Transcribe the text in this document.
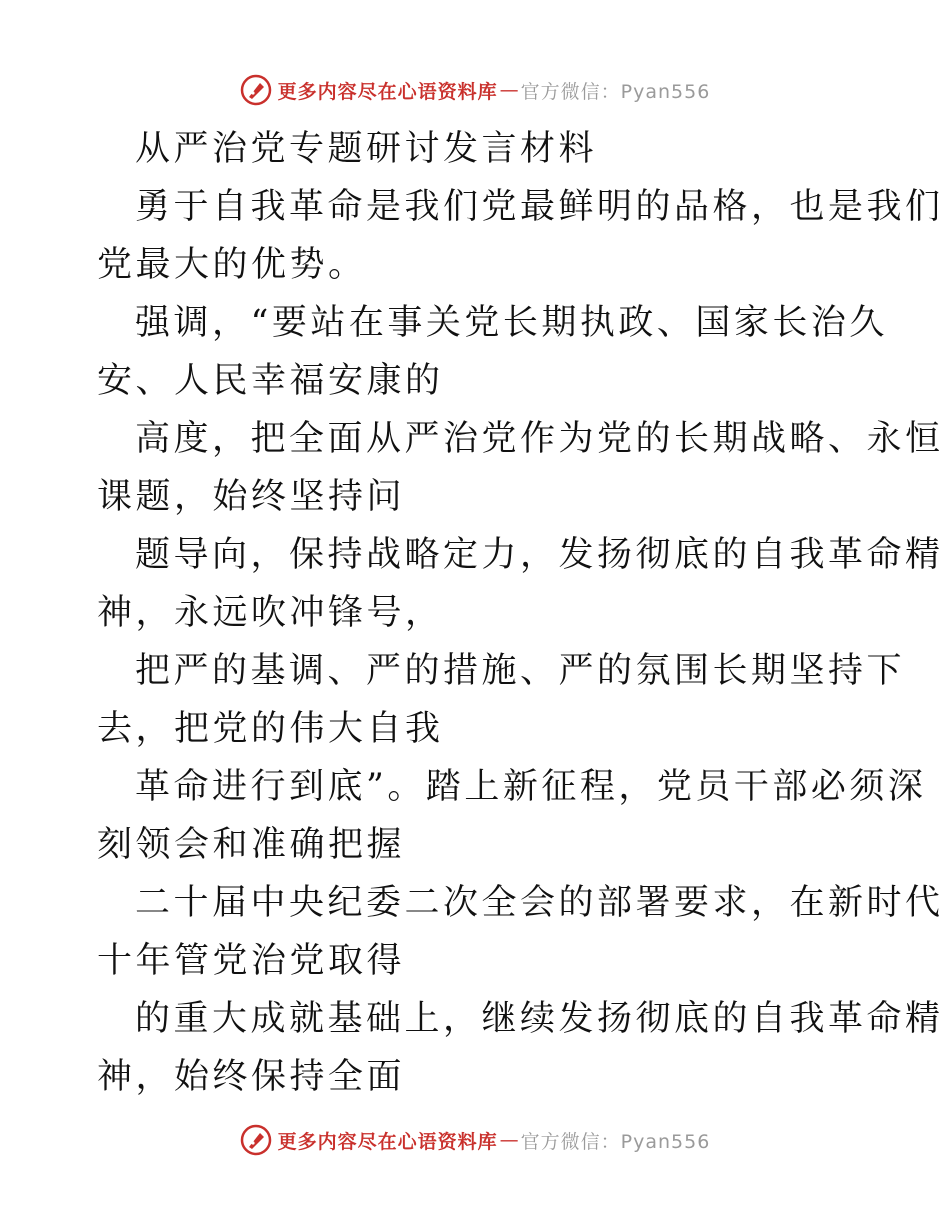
更多内容尽在心语资料库 — 官方微信：Pyan556
从严治党专题研讨发言材料
勇于自我革命是我们党最鲜明的品格，也是我们
党最大的优势。
强调，“要站在事关党长期执政、国家长治久
安、人民幸福安康的
高度，把全面从严治党作为党的长期战略、永恒
课题，始终坚持问
题导向，保持战略定力，发扬彻底的自我革命精
神，永远吹冲锋号，
把严的基调、严的措施、严的氛围长期坚持下
去，把党的伟大自我
革命进行到底”。踏上新征程，党员干部必须深
刻领会和准确把握
二十届中央纪委二次全会的部署要求，在新时代
十年管党治党取得
的重大成就基础上，继续发扬彻底的自我革命精
神，始终保持全面
更多内容尽在心语资料库 — 官方微信：Pyan556
